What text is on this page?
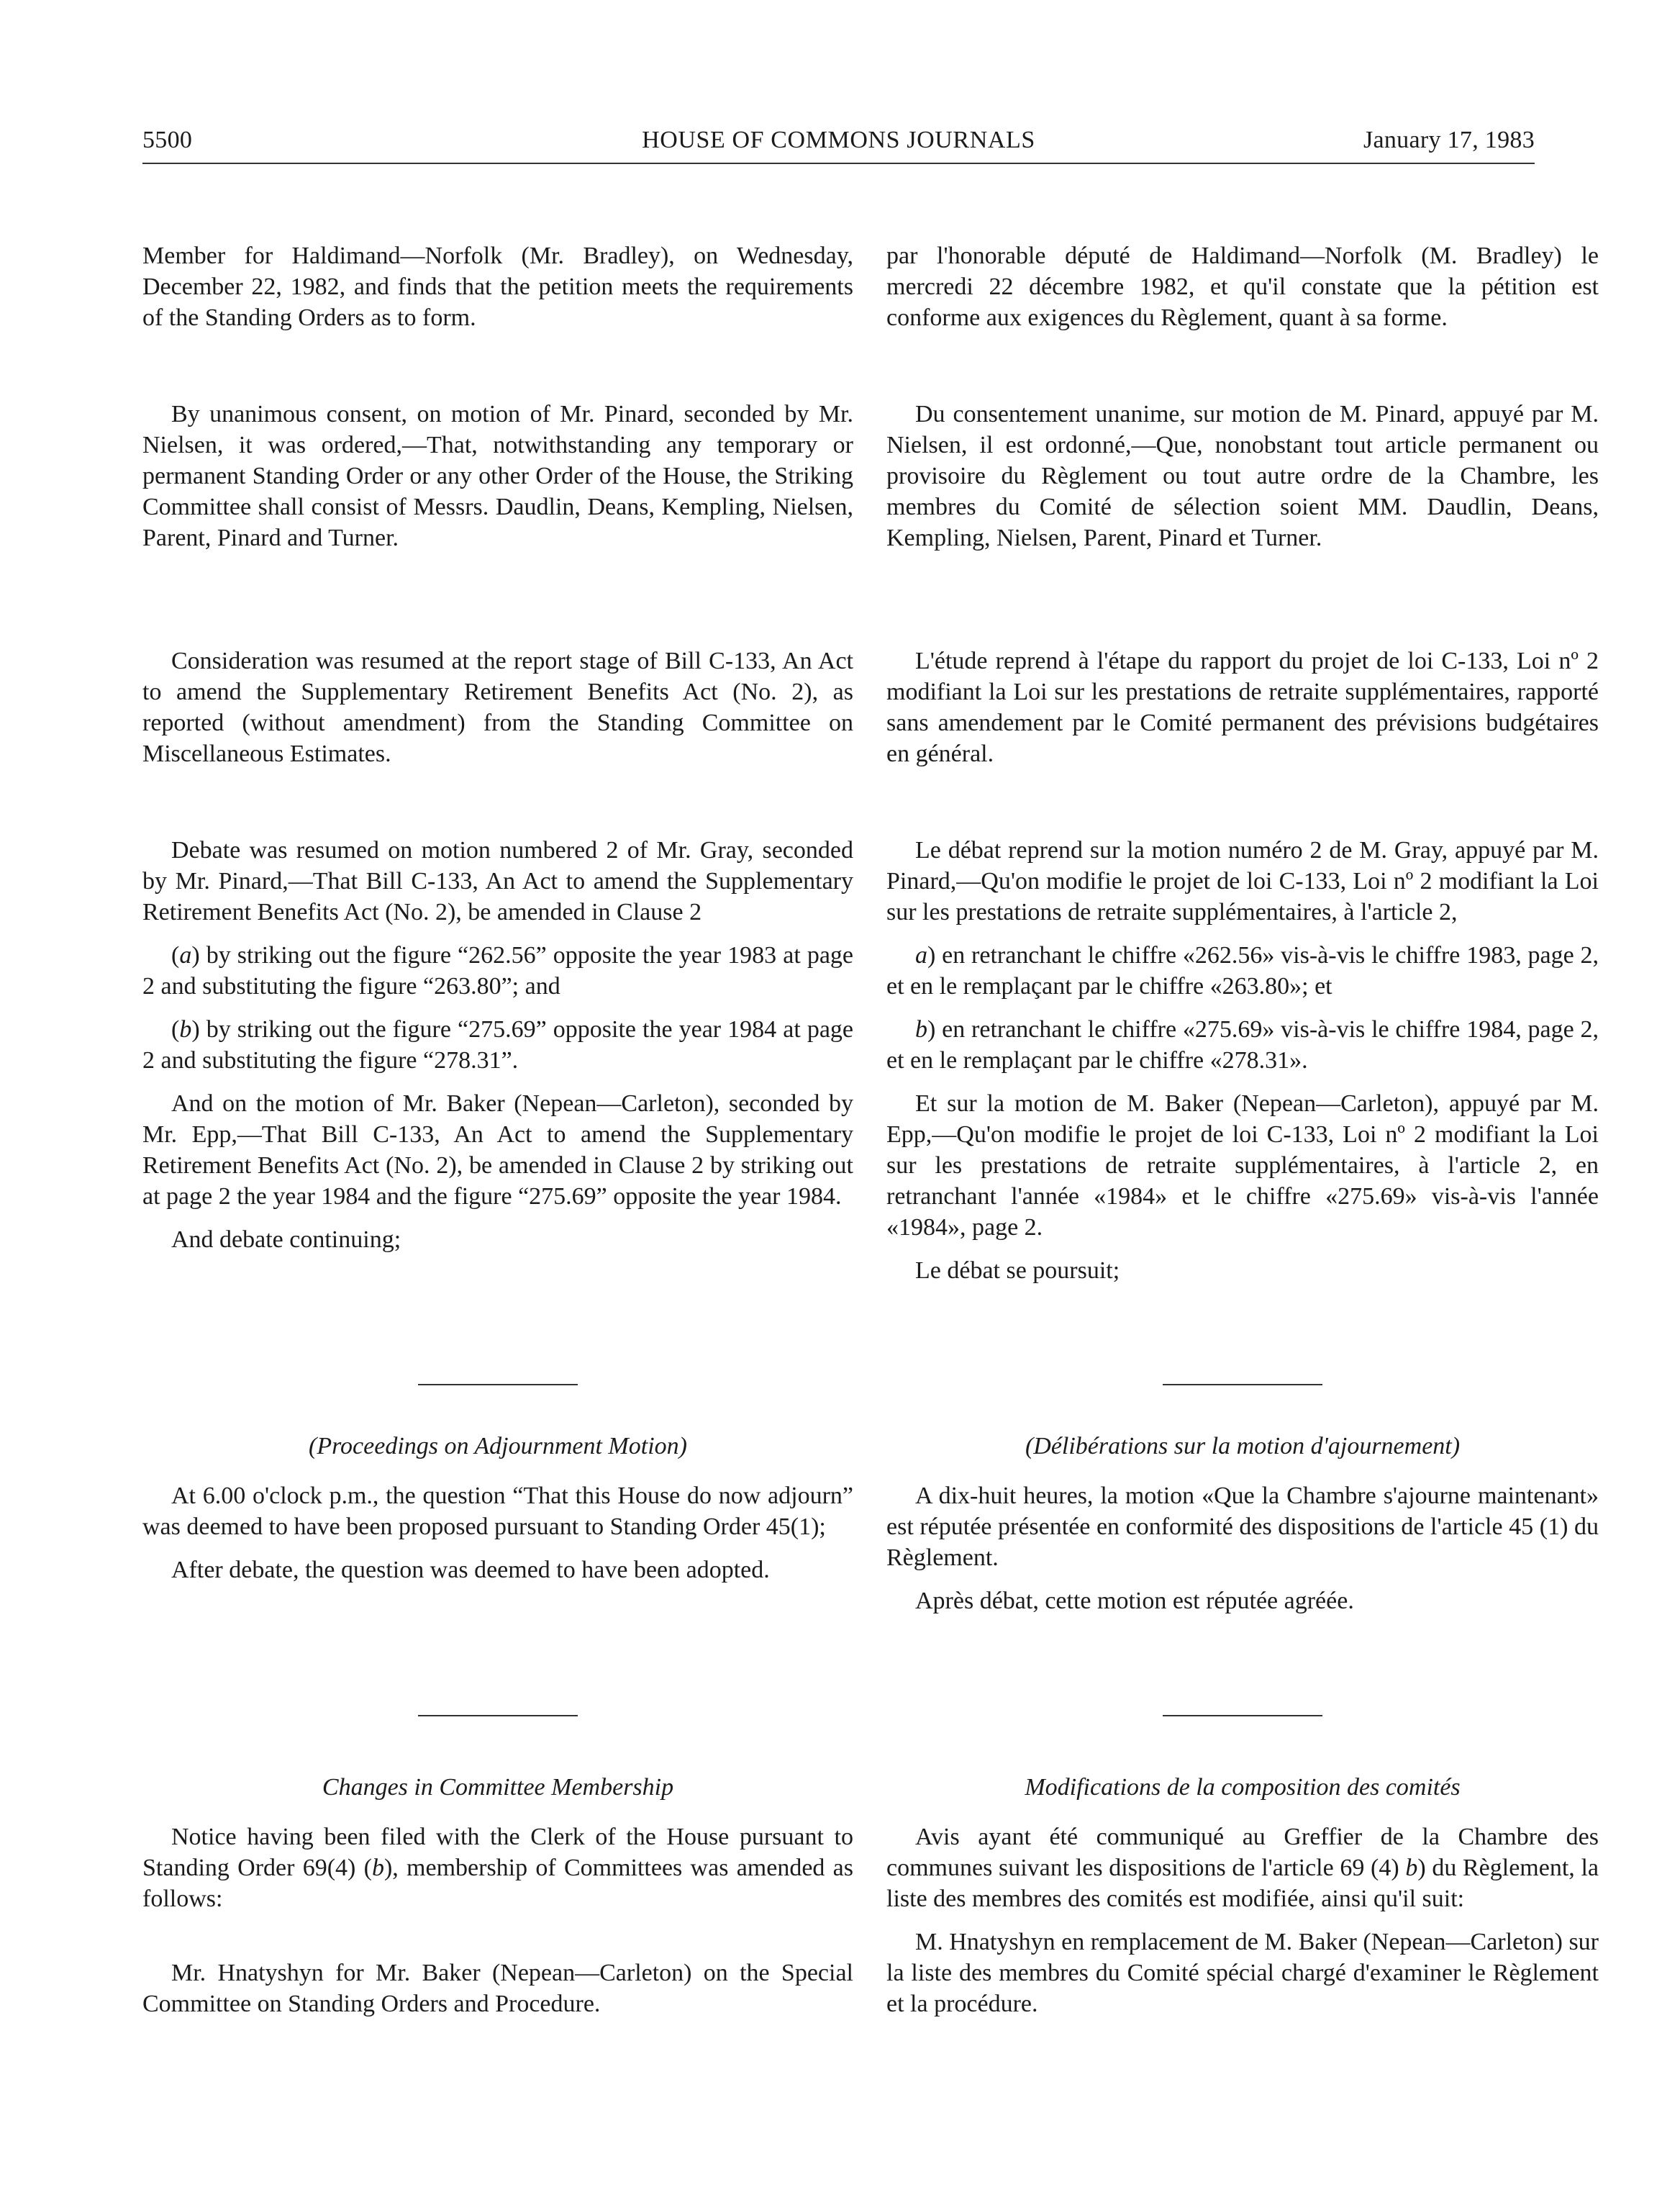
5500	HOUSE OF COMMONS JOURNALS	January 17, 1983

Member for Haldimand—Norfolk (Mr. Bradley), on Wednesday, December 22, 1982, and finds that the petition meets the requirements of the Standing Orders as to form.

By unanimous consent, on motion of Mr. Pinard, seconded by Mr. Nielsen, it was ordered,—That, notwithstanding any temporary or permanent Standing Order or any other Order of the House, the Striking Committee shall consist of Messrs. Daudlin, Deans, Kempling, Nielsen, Parent, Pinard and Turner.

Consideration was resumed at the report stage of Bill C-133, An Act to amend the Supplementary Retirement Benefits Act (No. 2), as reported (without amendment) from the Standing Committee on Miscellaneous Estimates.

Debate was resumed on motion numbered 2 of Mr. Gray, seconded by Mr. Pinard,—That Bill C-133, An Act to amend the Supplementary Retirement Benefits Act (No. 2), be amended in Clause 2

(a) by striking out the figure “262.56” opposite the year 1983 at page 2 and substituting the figure “263.80”; and

(b) by striking out the figure “275.69” opposite the year 1984 at page 2 and substituting the figure “278.31”.

And on the motion of Mr. Baker (Nepean—Carleton), seconded by Mr. Epp,—That Bill C-133, An Act to amend the Supplementary Retirement Benefits Act (No. 2), be amended in Clause 2 by striking out at page 2 the year 1984 and the figure “275.69” opposite the year 1984.

And debate continuing;

(Proceedings on Adjournment Motion)

At 6.00 o'clock p.m., the question “That this House do now adjourn” was deemed to have been proposed pursuant to Standing Order 45(1);

After debate, the question was deemed to have been adopted.

Changes in Committee Membership

Notice having been filed with the Clerk of the House pursuant to Standing Order 69(4) (b), membership of Committees was amended as follows:

Mr. Hnatyshyn for Mr. Baker (Nepean—Carleton) on the Special Committee on Standing Orders and Procedure.

par l'honorable député de Haldimand—Norfolk (M. Bradley) le mercredi 22 décembre 1982, et qu'il constate que la pétition est conforme aux exigences du Règlement, quant à sa forme.

Du consentement unanime, sur motion de M. Pinard, appuyé par M. Nielsen, il est ordonné,—Que, nonobstant tout article permanent ou provisoire du Règlement ou tout autre ordre de la Chambre, les membres du Comité de sélection soient MM. Daudlin, Deans, Kempling, Nielsen, Parent, Pinard et Turner.

L'étude reprend à l'étape du rapport du projet de loi C-133, Loi nº 2 modifiant la Loi sur les prestations de retraite supplémentaires, rapporté sans amendement par le Comité permanent des prévisions budgétaires en général.

Le débat reprend sur la motion numéro 2 de M. Gray, appuyé par M. Pinard,—Qu'on modifie le projet de loi C-133, Loi nº 2 modifiant la Loi sur les prestations de retraite supplémentaires, à l'article 2,

a) en retranchant le chiffre «262.56» vis-à-vis le chiffre 1983, page 2, et en le remplaçant par le chiffre «263.80»; et

b) en retranchant le chiffre «275.69» vis-à-vis le chiffre 1984, page 2, et en le remplaçant par le chiffre «278.31».

Et sur la motion de M. Baker (Nepean—Carleton), appuyé par M. Epp,—Qu'on modifie le projet de loi C-133, Loi nº 2 modifiant la Loi sur les prestations de retraite supplémentaires, à l'article 2, en retranchant l'année «1984» et le chiffre «275.69» vis-à-vis l'année «1984», page 2.

Le débat se poursuit;

(Délibérations sur la motion d'ajournement)

A dix-huit heures, la motion «Que la Chambre s'ajourne maintenant» est réputée présentée en conformité des dispositions de l'article 45 (1) du Règlement.

Après débat, cette motion est réputée agréée.

Modifications de la composition des comités

Avis ayant été communiqué au Greffier de la Chambre des communes suivant les dispositions de l'article 69 (4) b) du Règlement, la liste des membres des comités est modifiée, ainsi qu'il suit:

M. Hnatyshyn en remplacement de M. Baker (Nepean—Carleton) sur la liste des membres du Comité spécial chargé d'examiner le Règlement et la procédure.
